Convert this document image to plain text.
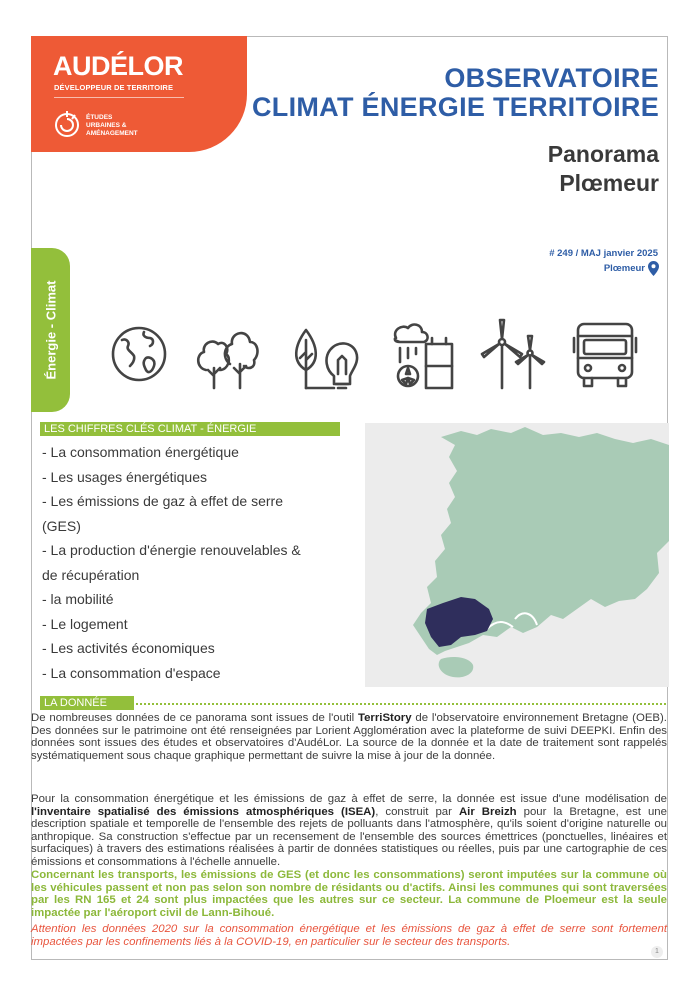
AUDÉLOR
DÉVELOPPEUR DE TERRITOIRE
ÉTUDES
URBAINES &
AMÉNAGEMENT
OBSERVATOIRE
CLIMAT ÉNERGIE TERRITOIRE
Panorama
Plœmeur
# 249 / MAJ janvier 2025
Plœmeur
Énergie - Climat
LES CHIFFRES CLÉS CLIMAT - ÉNERGIE
- La consommation énergétique
- Les usages énergétiques
- Les émissions de gaz à effet de serre
(GES)
- La production d'énergie renouvelables &
de récupération
- la mobilité
- Le logement
- Les activités économiques
- La consommation d'espace
LA DONNÉE
De nombreuses données de ce panorama sont issues de l'outil TerriStory de l'observatoire environnement Bretagne (OEB). Des données sur le patrimoine ont été renseignées par Lorient Agglomération avec la plateforme de suivi DEEPKI. Enfin des données sont issues des études et observatoires d'AudéLor. La source de la donnée et la date de traitement sont rappelés systématiquement sous chaque graphique permettant de suivre la mise à jour de la donnée.
Pour la consommation énergétique et les émissions de gaz à effet de serre, la donnée est issue d'une modélisation de l'inventaire spatialisé des émissions atmosphériques (ISEA), construit par Air Breizh pour la Bretagne, est une description spatiale et temporelle de l'ensemble des rejets de polluants dans l'atmosphère, qu'ils soient d'origine naturelle ou anthropique. Sa construction s'effectue par un recensement de l'ensemble des sources émettrices (ponctuelles, linéaires et surfaciques) à travers des estimations réalisées à partir de données statistiques ou réelles, puis par une cartographie de ces émissions et consommations à l'échelle annuelle.
Concernant les transports, les émissions de GES (et donc les consommations) seront imputées sur la commune où les véhicules passent et non pas selon son nombre de résidants ou d'actifs. Ainsi les communes qui sont traversées par les RN 165 et 24 sont plus impactées que les autres sur ce secteur. La commune de Ploemeur est la seule impactée par l'aéroport civil de Lann-Bihoué.
Attention les données 2020 sur la consommation énergétique et les émissions de gaz à effet de serre sont fortement impactées par les confinements liés à la COVID-19, en particulier sur le secteur des transports.
1
